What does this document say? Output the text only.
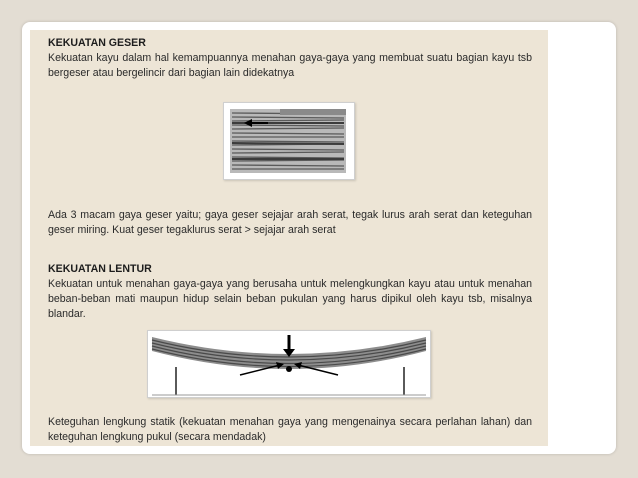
KEKUATAN GESER
Kekuatan kayu dalam hal kemampuannya menahan gaya-gaya yang membuat suatu bagian kayu tsb bergeser atau bergelincir dari bagian lain didekatnya
Ada 3 macam gaya geser yaitu; gaya geser sejajar arah serat, tegak lurus arah serat dan keteguhan geser miring. Kuat geser tegaklurus serat > sejajar arah serat
KEKUATAN LENTUR
Kekuatan untuk menahan gaya-gaya yang berusaha untuk melengkungkan kayu atau untuk menahan beban-beban mati maupun hidup selain beban pukulan yang harus dipikul oleh kayu tsb, misalnya blandar.
Keteguhan lengkung statik (kekuatan menahan gaya yang mengenainya secara perlahan lahan) dan keteguhan lengkung pukul (secara mendadak)
